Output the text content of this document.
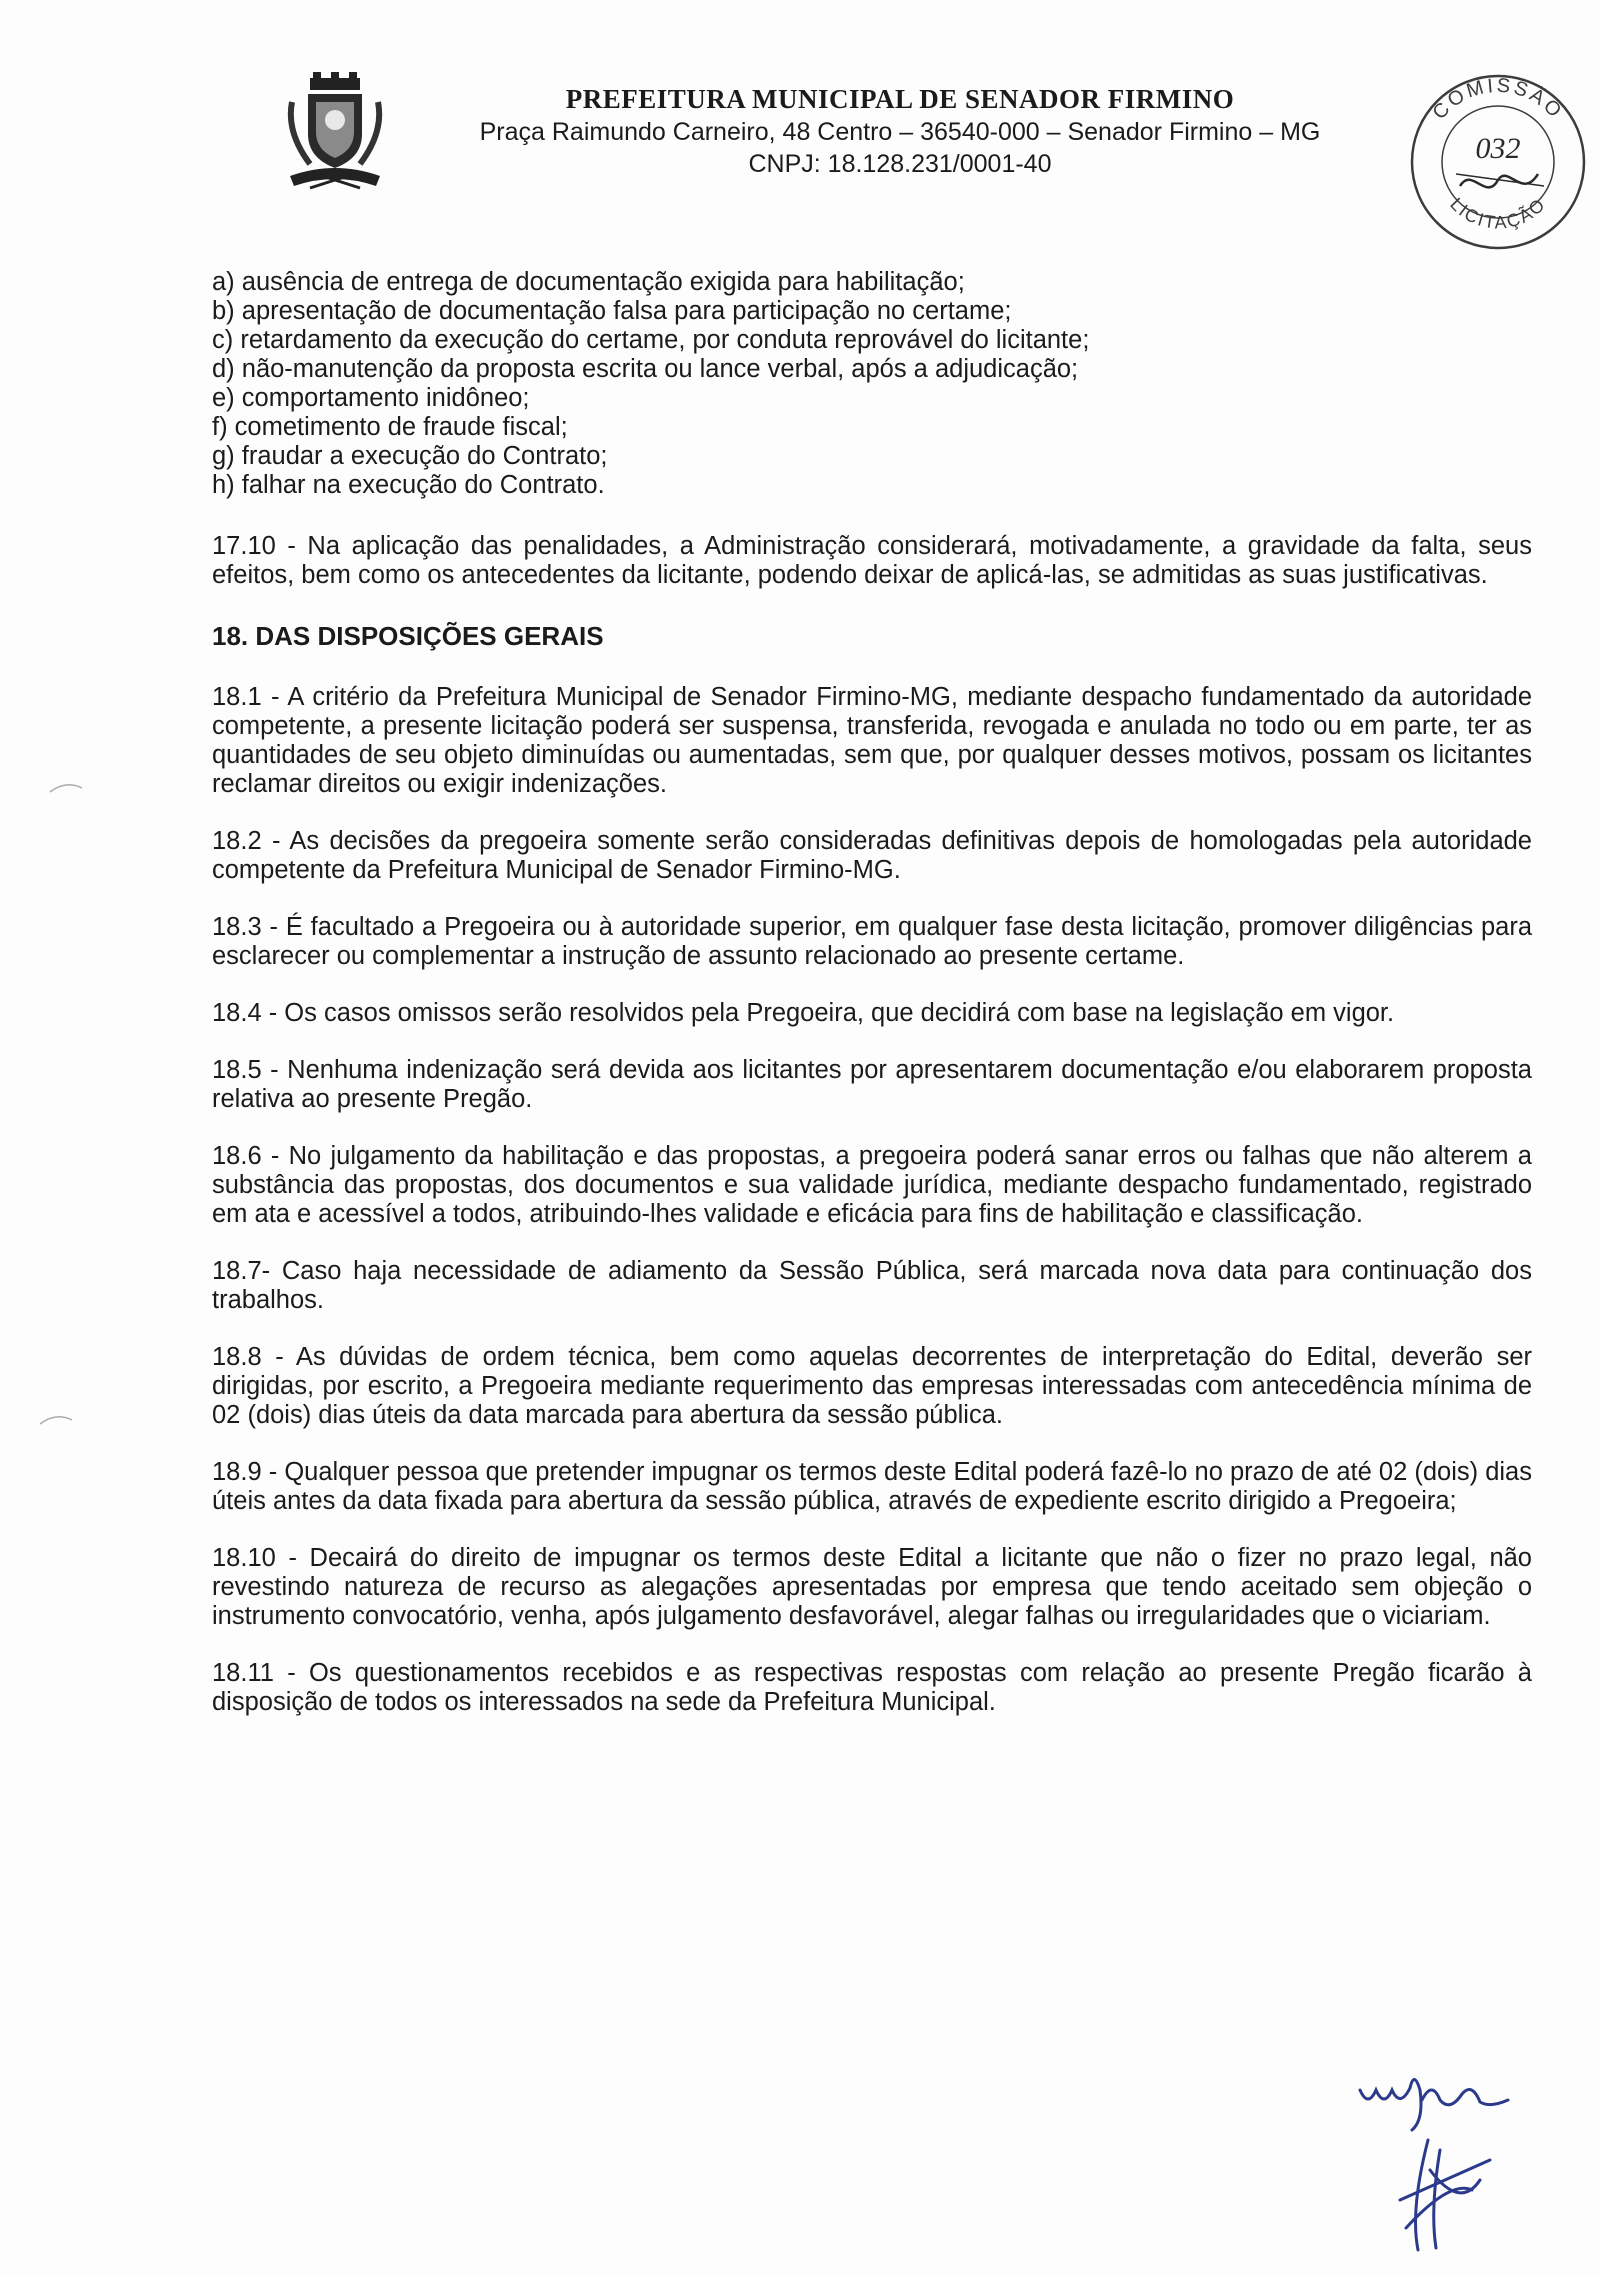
PREFEITURA MUNICIPAL DE SENADOR FIRMINO
Praça Raimundo Carneiro, 48 Centro – 36540-000 – Senador Firmino – MG
CNPJ: 18.128.231/0001-40
COMISSÃO
LICITAÇÃO
032

a) ausência de entrega de documentação exigida para habilitação;

b) apresentação de documentação falsa para participação no certame;

c) retardamento da execução do certame, por conduta reprovável do licitante;

d) não-manutenção da proposta escrita ou lance verbal, após a adjudicação;

e) comportamento inidôneo;

f) cometimento de fraude fiscal;

g) fraudar a execução do Contrato;

h) falhar na execução do Contrato.

17.10 - Na aplicação das penalidades, a Administração considerará, motivadamente, a gravidade da falta, seus efeitos, bem como os antecedentes da licitante, podendo deixar de aplicá-las, se admitidas as suas justificativas.

18. DAS DISPOSIÇÕES GERAIS

18.1 - A critério da Prefeitura Municipal de Senador Firmino-MG, mediante despacho fundamentado da autoridade competente, a presente licitação poderá ser suspensa, transferida, revogada e anulada no todo ou em parte, ter as quantidades de seu objeto diminuídas ou aumentadas, sem que, por qualquer desses motivos, possam os licitantes reclamar direitos ou exigir indenizações.

18.2 - As decisões da pregoeira somente serão consideradas definitivas depois de homologadas pela autoridade competente da Prefeitura Municipal de Senador Firmino-MG.

18.3 - É facultado a Pregoeira ou à autoridade superior, em qualquer fase desta licitação, promover diligências para esclarecer ou complementar a instrução de assunto relacionado ao presente certame.

18.4 - Os casos omissos serão resolvidos pela Pregoeira, que decidirá com base na legislação em vigor.

18.5 - Nenhuma indenização será devida aos licitantes por apresentarem documentação e/ou elaborarem proposta relativa ao presente Pregão.

18.6 - No julgamento da habilitação e das propostas, a pregoeira poderá sanar erros ou falhas que não alterem a substância das propostas, dos documentos e sua validade jurídica, mediante despacho fundamentado, registrado em ata e acessível a todos, atribuindo-lhes validade e eficácia para fins de habilitação e classificação.

18.7- Caso haja necessidade de adiamento da Sessão Pública, será marcada nova data para continuação dos trabalhos.

18.8 - As dúvidas de ordem técnica, bem como aquelas decorrentes de interpretação do Edital, deverão ser dirigidas, por escrito, a Pregoeira mediante requerimento das empresas interessadas com antecedência mínima de 02 (dois) dias úteis da data marcada para abertura da sessão pública.

18.9 - Qualquer pessoa que pretender impugnar os termos deste Edital poderá fazê-lo no prazo de até 02 (dois) dias úteis antes da data fixada para abertura da sessão pública, através de expediente escrito dirigido a Pregoeira;

18.10 - Decairá do direito de impugnar os termos deste Edital a licitante que não o fizer no prazo legal, não revestindo natureza de recurso as alegações apresentadas por empresa que tendo aceitado sem objeção o instrumento convocatório, venha, após julgamento desfavorável, alegar falhas ou irregularidades que o viciariam.

18.11 - Os questionamentos recebidos e as respectivas respostas com relação ao presente Pregão ficarão à disposição de todos os interessados na sede da Prefeitura Municipal.
